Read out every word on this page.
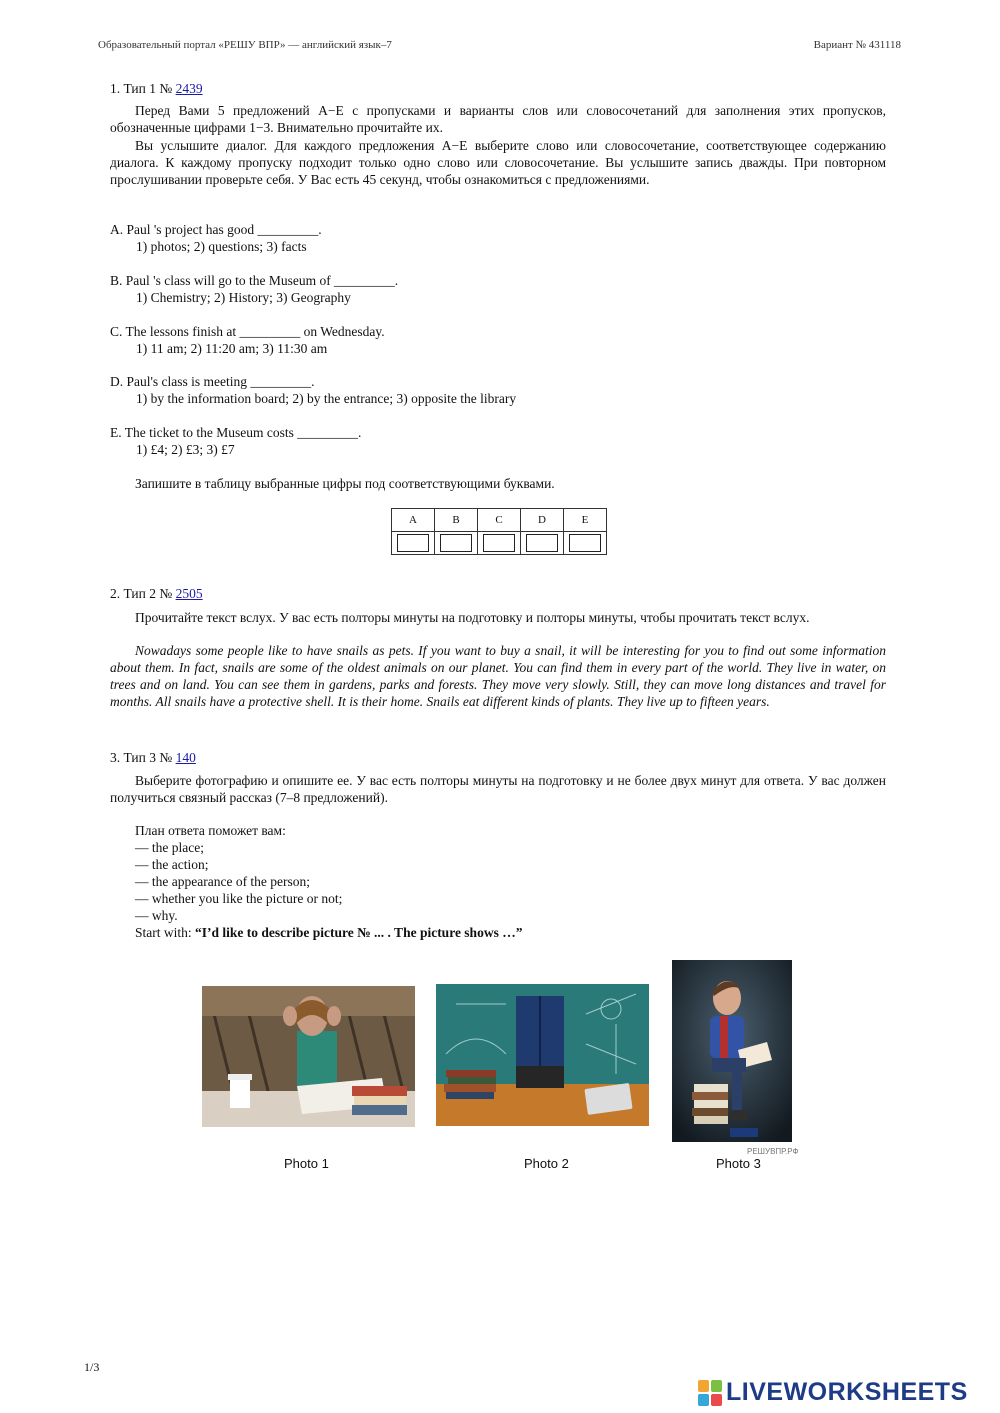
Образовательный портал «РЕШУ ВПР» — английский язык–7	Вариант № 431118
1. Тип 1 № 2439
Перед Вами 5 предложений A−E с пропусками и варианты слов или словосочетаний для заполнения этих пропусков, обозначенные цифрами 1−3. Внимательно прочитайте их.
Вы услышите диалог. Для каждого предложения A−E выберите слово или словосочетание, соответствующее содержанию диалога. К каждому пропуску подходит только одно слово или словосочетание. Вы услышите запись дважды. При повторном прослушивании проверьте себя. У Вас есть 45 секунд, чтобы ознакомиться с предложениями.
A. Paul 's project has good _________.
1) photos; 2) questions; 3) facts
B. Paul 's class will go to the Museum of _________.
1) Chemistry; 2) History; 3) Geography
C. The lessons finish at _________ on Wednesday.
1) 11 am; 2) 11:20 am; 3) 11:30 am
D. Paul's class is meeting _________.
1) by the information board; 2) by the entrance; 3) opposite the library
E. The ticket to the Museum costs _________.
1) £4; 2) £3; 3) £7
Запишите в таблицу выбранные цифры под соответствующими буквами.
A	B	C	D	E

2. Тип 2 № 2505
Прочитайте текст вслух. У вас есть полторы минуты на подготовку и полторы минуты, чтобы прочитать текст вслух.
Nowadays some people like to have snails as pets. If you want to buy a snail, it will be interesting for you to find out some information about them. In fact, snails are some of the oldest animals on our planet. You can find them in every part of the world. They live in water, on trees and on land. You can see them in gardens, parks and forests. They move very slowly. Still, they can move long distances and travel for months. All snails have a protective shell. It is their home. Snails eat different kinds of plants. They live up to fifteen years.
3. Тип 3 № 140
Выберите фотографию и опишите ее. У вас есть полторы минуты на подготовку и не более двух минут для ответа. У вас должен получиться связный рассказ (7–8 предложений).
План ответа поможет вам:
— the place;
— the action;
— the appearance of the person;
— whether you like the picture or not;
— why.
Start with: “I’d like to describe picture № ... . The picture shows …”
РЕШУВПР.РФ
Photo 1	Photo 2	Photo 3
1/3
LIVEWORKSHEETS
